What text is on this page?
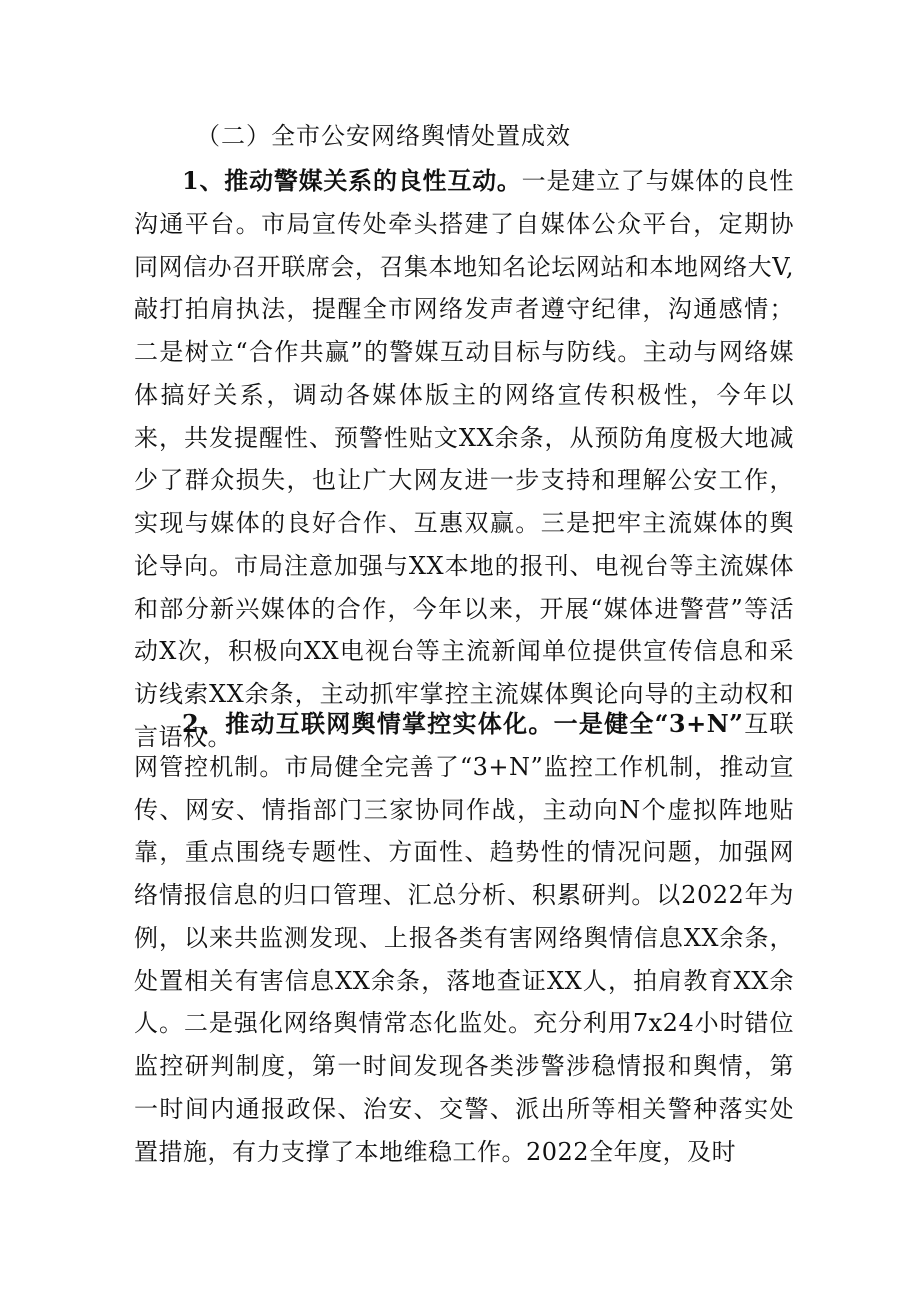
（二）全市公安网络舆情处置成效

1、推动警媒关系的良性互动。一是建立了与媒体的良性沟通平台。市局宣传处牵头搭建了自媒体公众平台，定期协同网信办召开联席会，召集本地知名论坛网站和本地网络大V,敲打拍肩执法，提醒全市网络发声者遵守纪律，沟通感情；二是树立“合作共赢”的警媒互动目标与防线。主动与网络媒体搞好关系，调动各媒体版主的网络宣传积极性，今年以来，共发提醒性、预警性贴文XX余条，从预防角度极大地减少了群众损失，也让广大网友进一步支持和理解公安工作，实现与媒体的良好合作、互惠双赢。三是把牢主流媒体的舆论导向。市局注意加强与XX本地的报刊、电视台等主流媒体和部分新兴媒体的合作，今年以来，开展“媒体进警营”等活动X次，积极向XX电视台等主流新闻单位提供宣传信息和采访线索XX余条，主动抓牢掌控主流媒体舆论向导的主动权和言语权。

2、推动互联网舆情掌控实体化。一是健全“3+N”互联网管控机制。市局健全完善了“3+N”监控工作机制，推动宣传、网安、情指部门三家协同作战，主动向N个虚拟阵地贴靠，重点围绕专题性、方面性、趋势性的情况问题，加强网络情报信息的归口管理、汇总分析、积累研判。以2022年为例，以来共监测发现、上报各类有害网络舆情信息XX余条，处置相关有害信息XX余条，落地查证XX人，拍肩教育XX余人。二是强化网络舆情常态化监处。充分利用7x24小时错位监控研判制度，第一时间发现各类涉警涉稳情报和舆情，第一时间内通报政保、治安、交警、派出所等相关警种落实处置措施，有力支撑了本地维稳工作。2022全年度，及时
